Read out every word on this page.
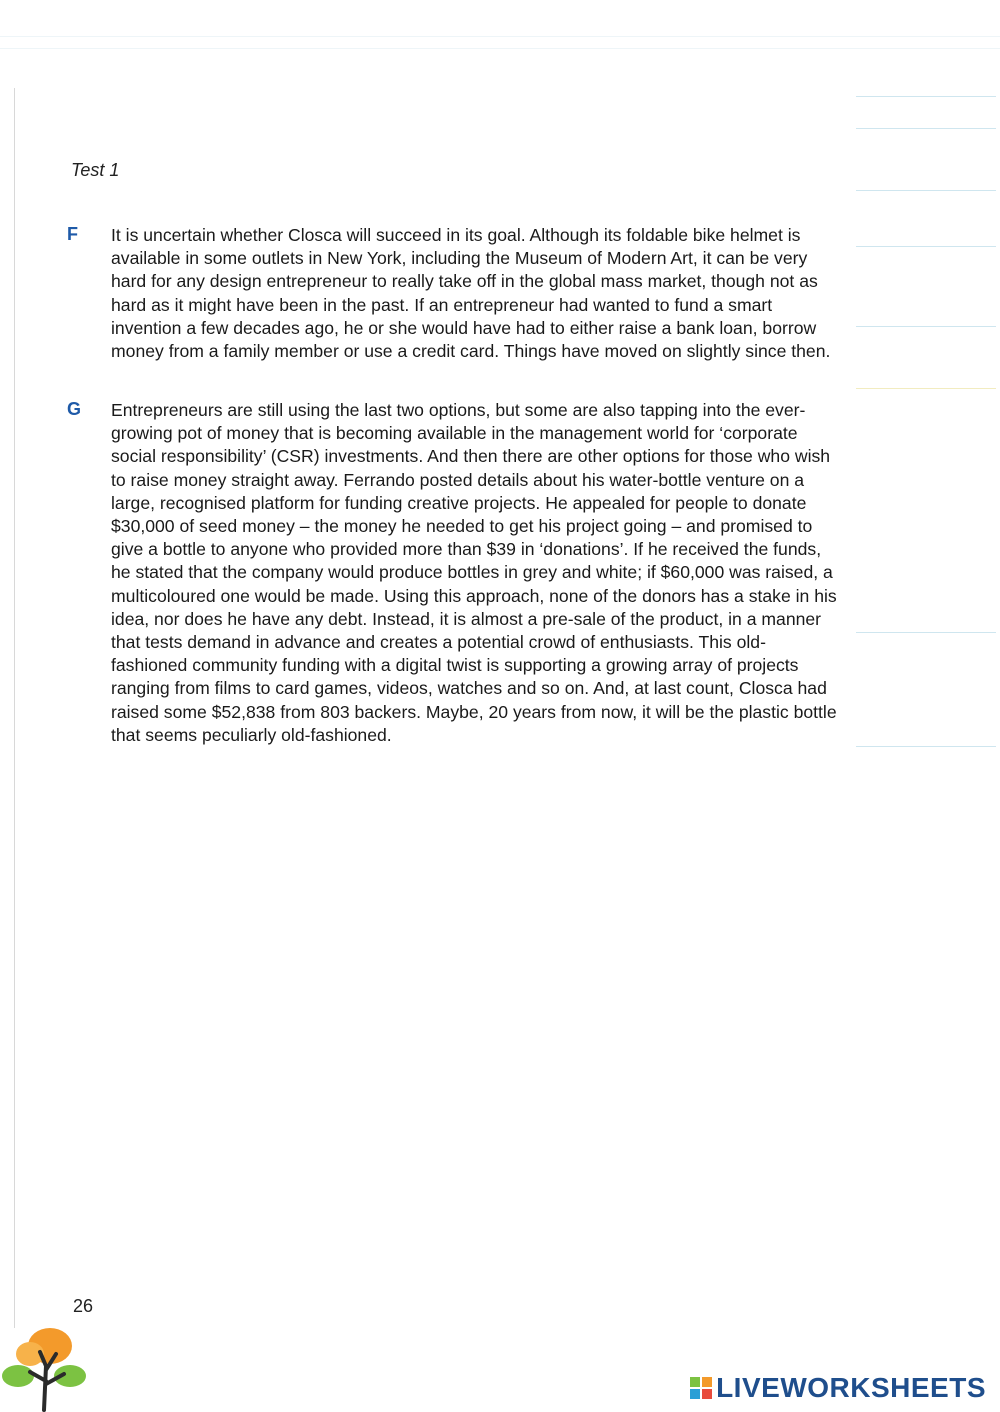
Test 1
F It is uncertain whether Closca will succeed in its goal. Although its foldable bike helmet is available in some outlets in New York, including the Museum of Modern Art, it can be very hard for any design entrepreneur to really take off in the global mass market, though not as hard as it might have been in the past. If an entrepreneur had wanted to fund a smart invention a few decades ago, he or she would have had to either raise a bank loan, borrow money from a family member or use a credit card. Things have moved on slightly since then.
G Entrepreneurs are still using the last two options, but some are also tapping into the ever-growing pot of money that is becoming available in the management world for ‘corporate social responsibility’ (CSR) investments. And then there are other options for those who wish to raise money straight away. Ferrando posted details about his water-bottle venture on a large, recognised platform for funding creative projects. He appealed for people to donate $30,000 of seed money – the money he needed to get his project going – and promised to give a bottle to anyone who provided more than $39 in ‘donations’. If he received the funds, he stated that the company would produce bottles in grey and white; if $60,000 was raised, a multicoloured one would be made. Using this approach, none of the donors has a stake in his idea, nor does he have any debt. Instead, it is almost a pre-sale of the product, in a manner that tests demand in advance and creates a potential crowd of enthusiasts. This old-fashioned community funding with a digital twist is supporting a growing array of projects ranging from films to card games, videos, watches and so on. And, at last count, Closca had raised some $52,838 from 803 backers. Maybe, 20 years from now, it will be the plastic bottle that seems peculiarly old-fashioned.
26
LIVEWORKSHEETS
